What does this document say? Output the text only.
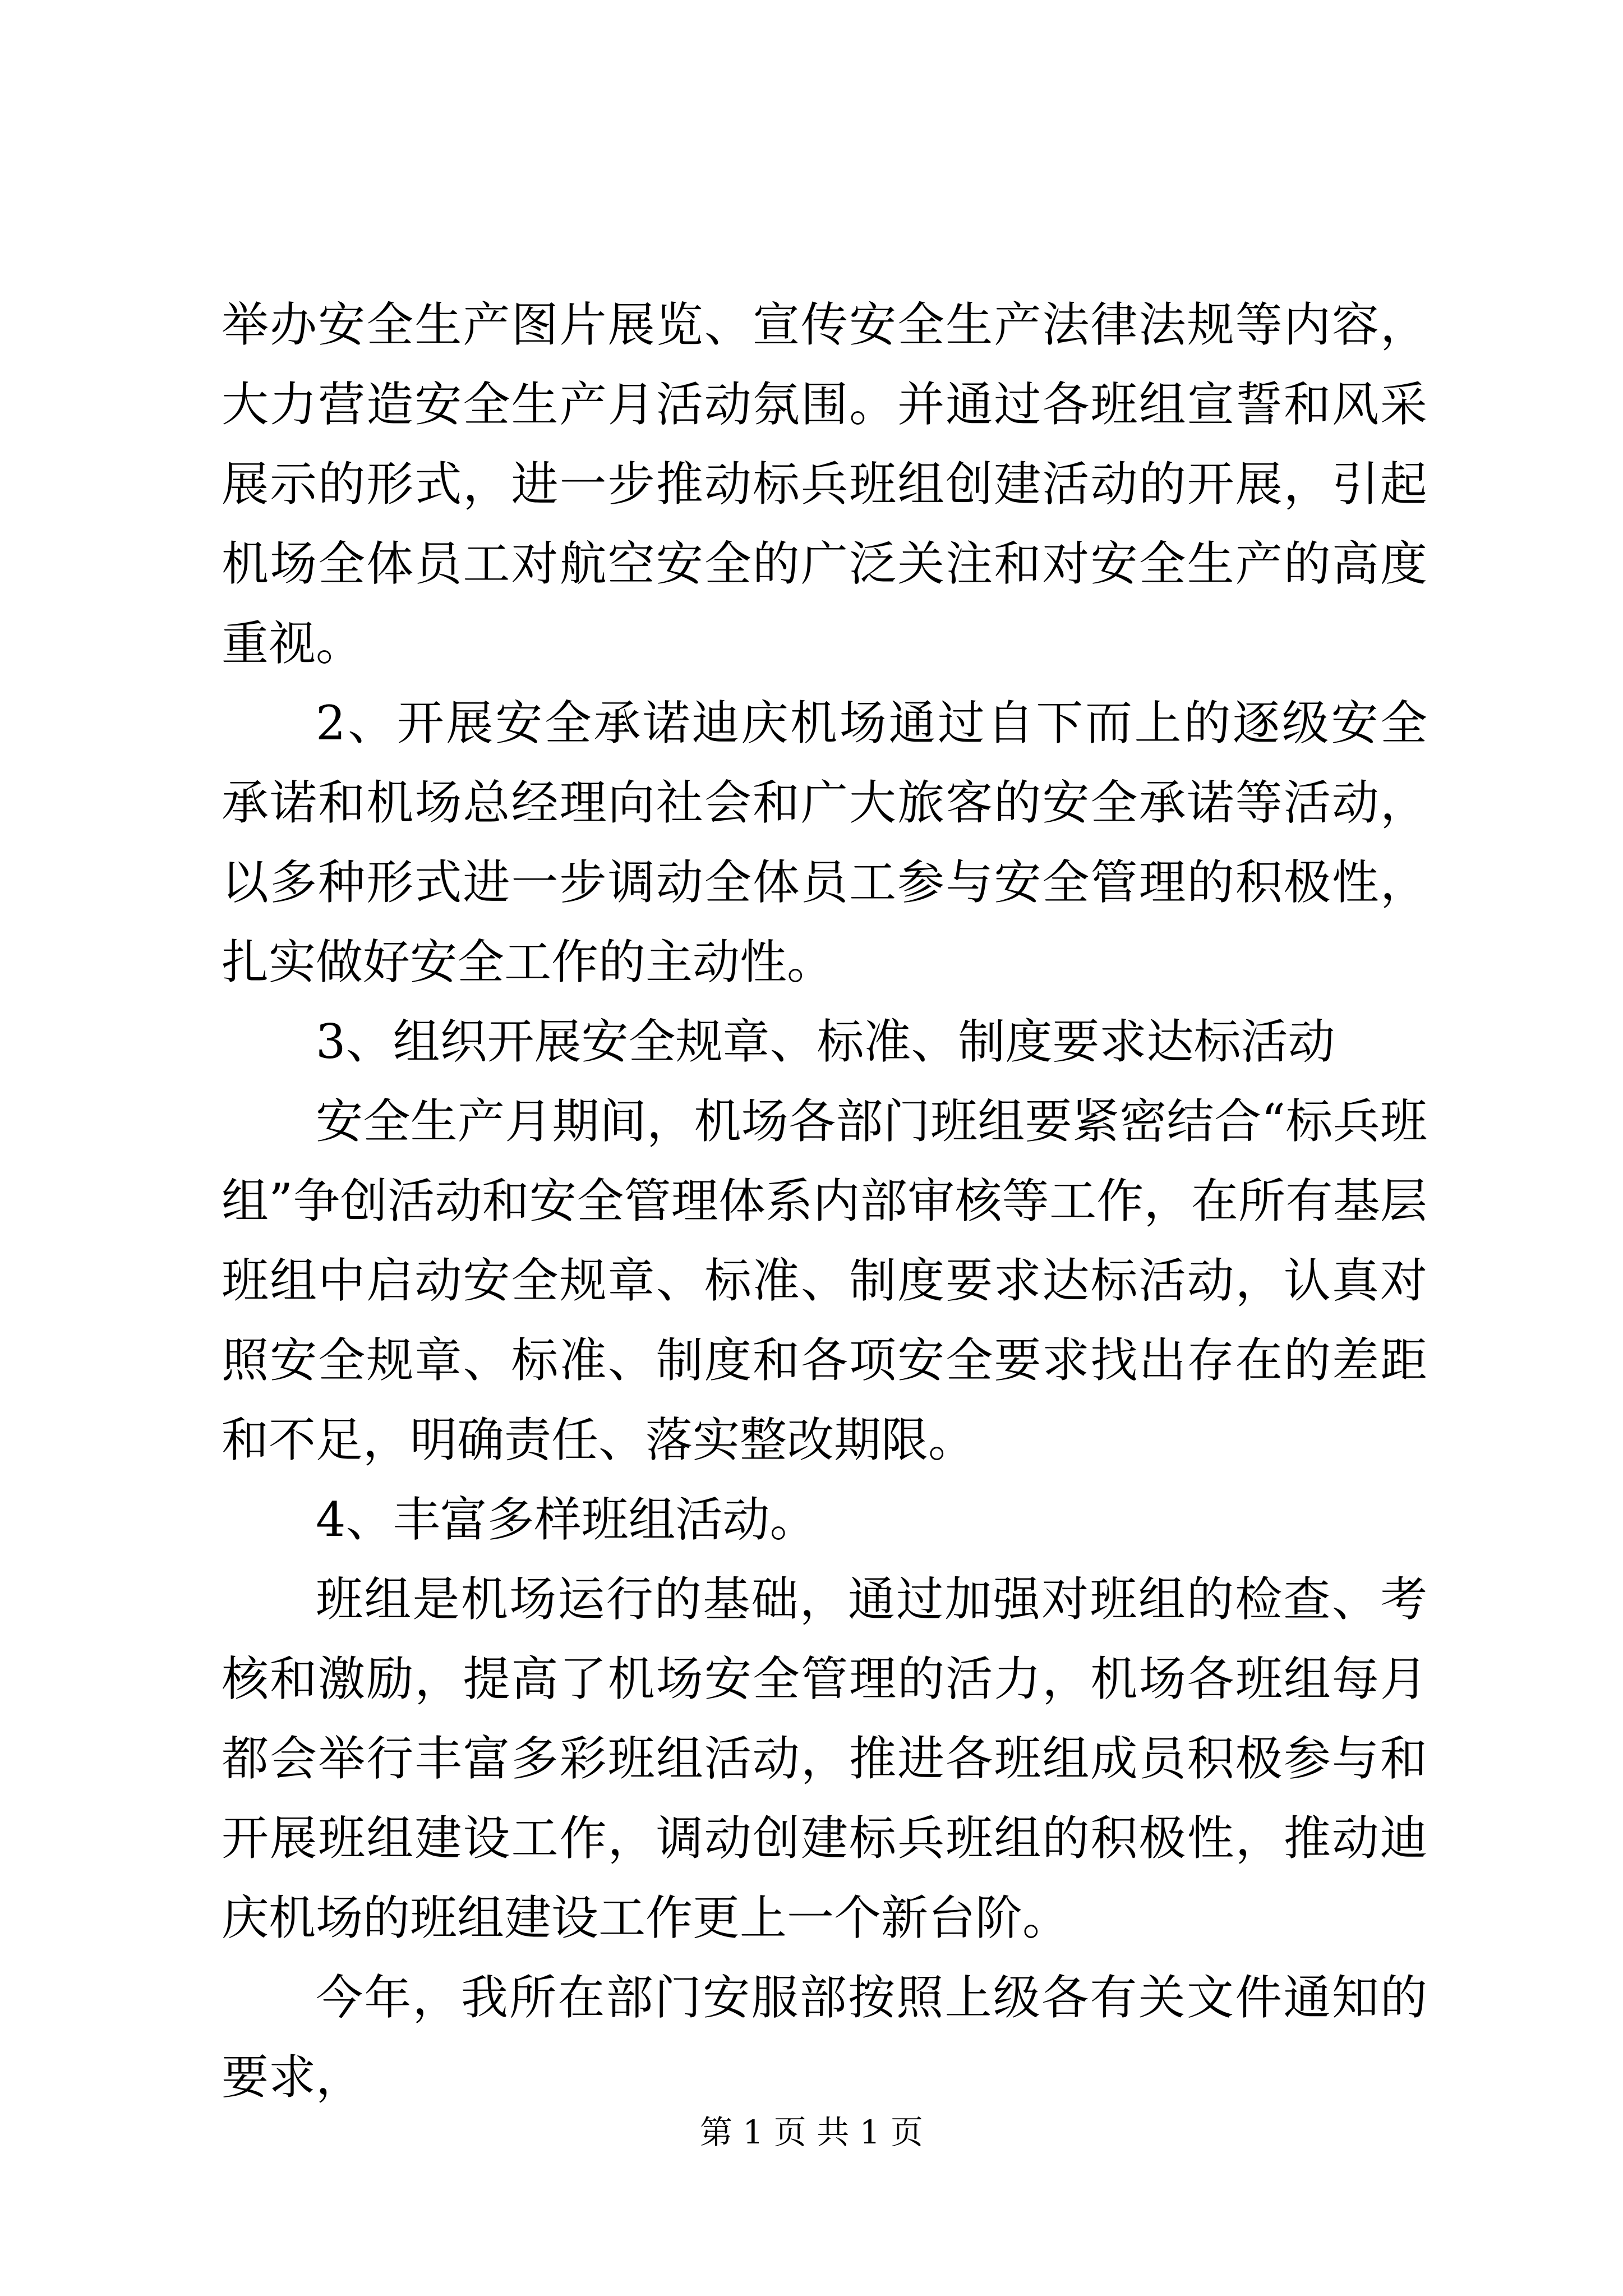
举办安全生产图片展览、宣传安全生产法律法规等内容，大力营造安全生产月活动氛围。并通过各班组宣誓和风采展示的形式，进一步推动标兵班组创建活动的开展，引起机场全体员工对航空安全的广泛关注和对安全生产的高度重视。

2、开展安全承诺迪庆机场通过自下而上的逐级安全承诺和机场总经理向社会和广大旅客的安全承诺等活动，以多种形式进一步调动全体员工参与安全管理的积极性，扎实做好安全工作的主动性。

3、组织开展安全规章、标准、制度要求达标活动

安全生产月期间，机场各部门班组要紧密结合“标兵班组”争创活动和安全管理体系内部审核等工作，在所有基层班组中启动安全规章、标准、制度要求达标活动，认真对照安全规章、标准、制度和各项安全要求找出存在的差距和不足，明确责任、落实整改期限。

4、丰富多样班组活动。

班组是机场运行的基础，通过加强对班组的检查、考核和激励，提高了机场安全管理的活力，机场各班组每月都会举行丰富多彩班组活动，推进各班组成员积极参与和开展班组建设工作，调动创建标兵班组的积极性，推动迪庆机场的班组建设工作更上一个新台阶。

今年，我所在部门安服部按照上级各有关文件通知的要求，

第 1 页 共 1 页
